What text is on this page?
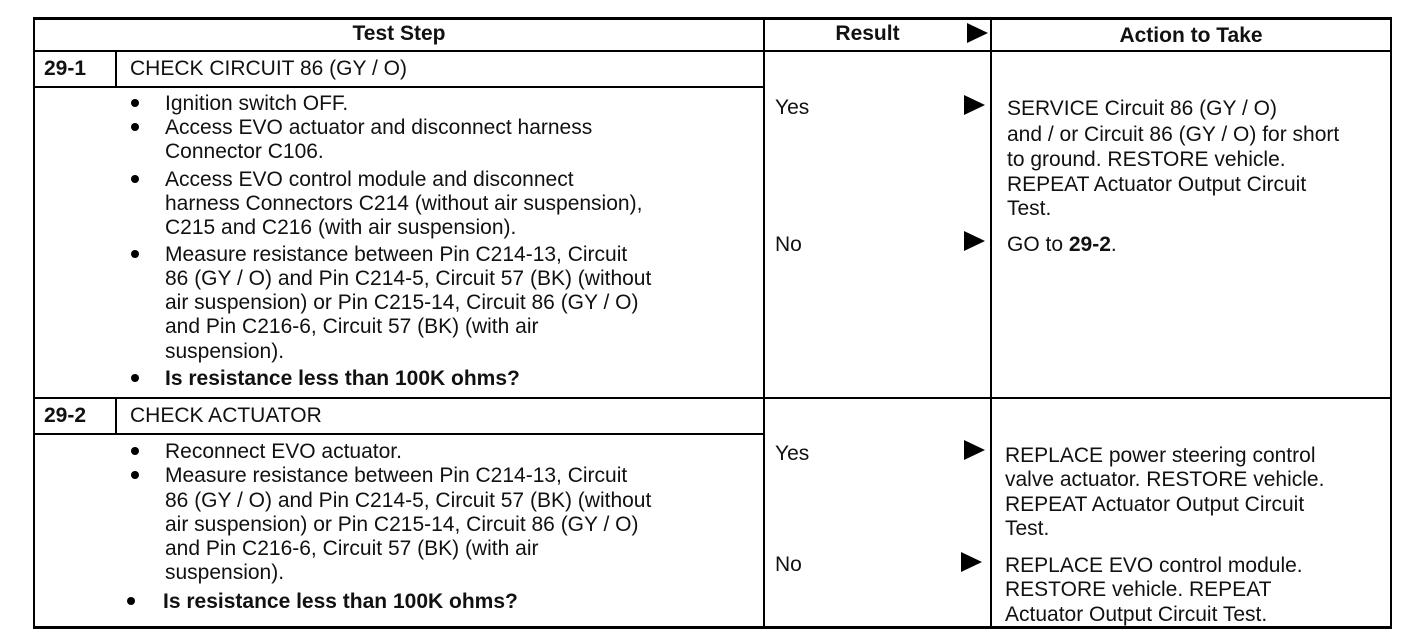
Test Step	Result	Action to Take
29-1 CHECK CIRCUIT 86 (GY / O)
Ignition switch OFF.
Access EVO actuator and disconnect harness
Connector C106.
Access EVO control module and disconnect
harness Connectors C214 (without air suspension),
C215 and C216 (with air suspension).
Measure resistance between Pin C214-13, Circuit
86 (GY / O) and Pin C214-5, Circuit 57 (BK) (without
air suspension) or Pin C215-14, Circuit 86 (GY / O)
and Pin C216-6, Circuit 57 (BK) (with air
suspension).
Is resistance less than 100K ohms?
Yes	SERVICE Circuit 86 (GY / O)
and / or Circuit 86 (GY / O) for short
to ground. RESTORE vehicle.
REPEAT Actuator Output Circuit
Test.
No	GO to 29-2.
29-2 CHECK ACTUATOR
Reconnect EVO actuator.
Measure resistance between Pin C214-13, Circuit
86 (GY / O) and Pin C214-5, Circuit 57 (BK) (without
air suspension) or Pin C215-14, Circuit 86 (GY / O)
and Pin C216-6, Circuit 57 (BK) (with air
suspension).
Is resistance less than 100K ohms?
Yes	REPLACE power steering control
valve actuator. RESTORE vehicle.
REPEAT Actuator Output Circuit
Test.
No	REPLACE EVO control module.
RESTORE vehicle. REPEAT
Actuator Output Circuit Test.
